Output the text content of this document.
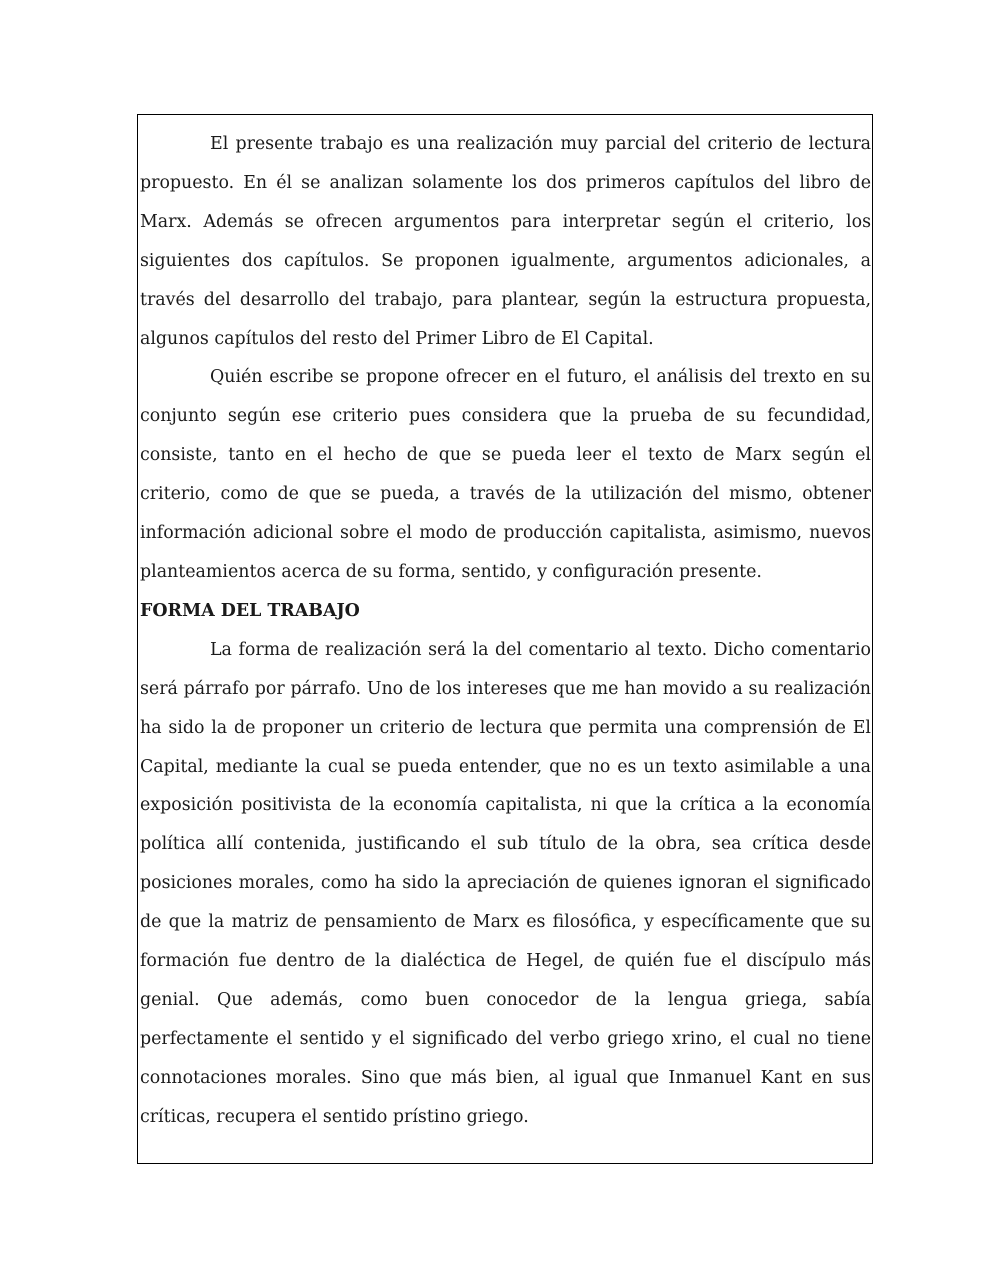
El presente trabajo es una realización muy parcial del criterio de lectura propuesto. En él se analizan solamente los dos primeros capítulos del libro de Marx. Además se ofrecen argumentos para interpretar según el criterio, los siguientes dos capítulos. Se proponen igualmente, argumentos adicionales, a través del desarrollo del trabajo, para plantear, según la estructura propuesta, algunos capítulos del resto del Primer Libro de El Capital.

Quién escribe se propone ofrecer en el futuro, el análisis del trexto en su conjunto según ese criterio pues considera que la prueba de su fecundidad, consiste, tanto en el hecho de que se pueda leer el texto de Marx según el criterio, como de que se pueda, a través de la utilización del mismo, obtener información adicional sobre el modo de producción capitalista, asimismo, nuevos planteamientos acerca de su forma, sentido, y configuración presente.

FORMA DEL TRABAJO

La forma de realización será la del comentario al texto. Dicho comentario será párrafo por párrafo. Uno de los intereses que me han movido a su realización ha sido la de proponer un criterio de lectura que permita una comprensión de El Capital, mediante la cual se pueda entender, que no es un texto asimilable a una exposición positivista de la economía capitalista, ni que la crítica a la economía política allí contenida, justificando el sub título de la obra, sea crítica desde posiciones morales, como ha sido la apreciación de quienes ignoran el significado de que la matriz de pensamiento de Marx es filosófica, y específicamente que su formación fue dentro de la dialéctica de Hegel, de quién fue el discípulo más genial. Que además, como buen conocedor de la lengua griega, sabía perfectamente el sentido y el significado del verbo griego xrino, el cual no tiene connotaciones morales. Sino que más bien, al igual que Inmanuel Kant en sus críticas, recupera el sentido prístino griego.
